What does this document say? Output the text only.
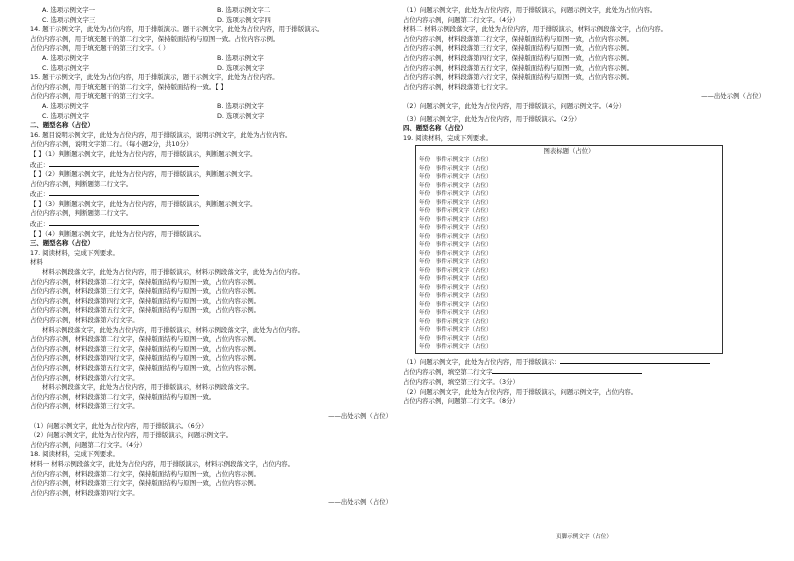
A. 选项示例文字一	B. 选项示例文字二
C. 选项示例文字三	D. 选项示例文字四
14. 题干示例文字，此处为占位内容，用于排版演示。题干示例文字，此处为占位内容，用于排版演示。
占位内容示例，用于填充题干的第二行文字，保持版面结构与原图一致。占位内容示例。
占位内容示例，用于填充题干的第三行文字。（ ）
A. 选项示例文字	B. 选项示例文字
C. 选项示例文字	D. 选项示例文字
15. 题干示例文字，此处为占位内容，用于排版演示，题干示例文字，此处为占位内容。
占位内容示例，用于填充题干的第二行文字，保持版面结构一致。【 】
占位内容示例，用于填充题干的第三行文字。
A. 选项示例文字	B. 选项示例文字
C. 选项示例文字	D. 选项示例文字
二、题型名称（占位）
16. 题目说明示例文字，此处为占位内容，用于排版演示，说明示例文字，此处为占位内容。
占位内容示例，说明文字第二行。（每小题2分，共10分）
【 】（1）判断题示例文字，此处为占位内容，用于排版演示，判断题示例文字。
改正：
【 】（2）判断题示例文字，此处为占位内容，用于排版演示，判断题示例文字。
占位内容示例，判断题第二行文字。
改正：
【 】（3）判断题示例文字，此处为占位内容，用于排版演示，判断题示例文字。
占位内容示例，判断题第二行文字。
改正：
【 】（4）判断题示例文字，此处为占位内容，用于排版演示。
三、题型名称（占位）
17. 阅读材料，完成下列要求。
材料
材料示例段落文字，此处为占位内容，用于排版演示，材料示例段落文字，此处为占位内容。
占位内容示例，材料段落第二行文字，保持版面结构与原图一致，占位内容示例。
占位内容示例，材料段落第三行文字，保持版面结构与原图一致，占位内容示例。
占位内容示例，材料段落第四行文字，保持版面结构与原图一致，占位内容示例。
占位内容示例，材料段落第五行文字，保持版面结构与原图一致，占位内容示例。
占位内容示例，材料段落第六行文字。
材料示例段落文字，此处为占位内容，用于排版演示，材料示例段落文字，此处为占位内容。
占位内容示例，材料段落第二行文字，保持版面结构与原图一致，占位内容示例。
占位内容示例，材料段落第三行文字，保持版面结构与原图一致，占位内容示例。
占位内容示例，材料段落第四行文字，保持版面结构与原图一致，占位内容示例。
占位内容示例，材料段落第五行文字，保持版面结构与原图一致，占位内容示例。
占位内容示例，材料段落第六行文字。
材料示例段落文字，此处为占位内容，用于排版演示，材料示例段落文字。
占位内容示例，材料段落第二行文字，保持版面结构与原图一致。
占位内容示例，材料段落第三行文字。
——出处示例（占位）
（1）问题示例文字，此处为占位内容，用于排版演示。（6分）
（2）问题示例文字，此处为占位内容，用于排版演示，问题示例文字。
占位内容示例，问题第二行文字。（4分）
18. 阅读材料，完成下列要求。
材料一 材料示例段落文字，此处为占位内容，用于排版演示，材料示例段落文字，占位内容。
占位内容示例，材料段落第二行文字，保持版面结构与原图一致，占位内容示例。
占位内容示例，材料段落第三行文字，保持版面结构与原图一致，占位内容示例。
占位内容示例，材料段落第四行文字。
——出处示例（占位）
（1）问题示例文字，此处为占位内容，用于排版演示，问题示例文字，此处为占位内容。
占位内容示例，问题第二行文字。（4分）
材料二 材料示例段落文字，此处为占位内容，用于排版演示，材料示例段落文字，占位内容。
占位内容示例，材料段落第二行文字，保持版面结构与原图一致，占位内容示例。
占位内容示例，材料段落第三行文字，保持版面结构与原图一致，占位内容示例。
占位内容示例，材料段落第四行文字，保持版面结构与原图一致，占位内容示例。
占位内容示例，材料段落第五行文字，保持版面结构与原图一致，占位内容示例。
占位内容示例，材料段落第六行文字，保持版面结构与原图一致，占位内容示例。
占位内容示例，材料段落第七行文字。
——出处示例（占位）
（2）问题示例文字，此处为占位内容，用于排版演示，问题示例文字。（4分）
（3）问题示例文字，此处为占位内容，用于排版演示。（2分）
四、题型名称（占位）
19. 阅读材料，完成下列要求。
图表标题（占位）
年份　事件示例文字（占位）
年份　事件示例文字（占位）
年份　事件示例文字（占位）
年份　事件示例文字（占位）
年份　事件示例文字（占位）
年份　事件示例文字（占位）
年份　事件示例文字（占位）
年份　事件示例文字（占位）
年份　事件示例文字（占位）
年份　事件示例文字（占位）
年份　事件示例文字（占位）
年份　事件示例文字（占位）
年份　事件示例文字（占位）
年份　事件示例文字（占位）
年份　事件示例文字（占位）
年份　事件示例文字（占位）
年份　事件示例文字（占位）
年份　事件示例文字（占位）
年份　事件示例文字（占位）
年份　事件示例文字（占位）
年份　事件示例文字（占位）
年份　事件示例文字（占位）
年份　事件示例文字（占位）
（1）问题示例文字，此处为占位内容，用于排版演示：
占位内容示例，填空第二行文字
占位内容示例，填空第三行文字。（3分）
（2）问题示例文字，此处为占位内容，用于排版演示，问题示例文字，占位内容。
占位内容示例，问题第二行文字。（8分）
页脚示例文字（占位）
